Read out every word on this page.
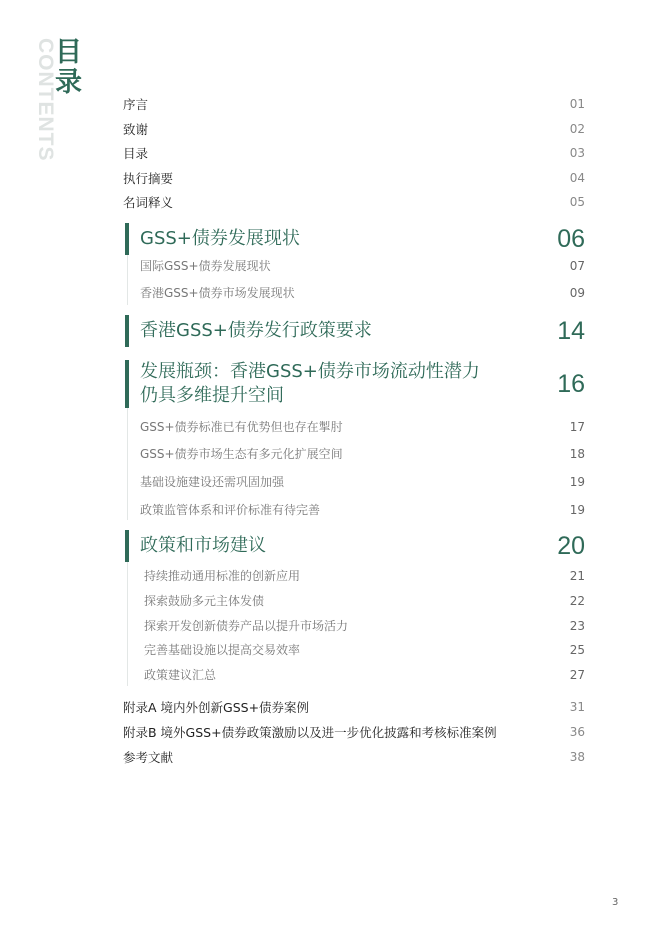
CONTENTS
目录
序言	01
致谢	02
目录	03
执行摘要	04
名词释义	05
GSS+债券发展现状	06
国际GSS+债券发展现状	07
香港GSS+债券市场发展现状	09
香港GSS+债券发行政策要求	14
发展瓶颈：香港GSS+债券市场流动性潜力
仍具多维提升空间	16
GSS+债券标准已有优势但也存在掣肘	17
GSS+债券市场生态有多元化扩展空间	18
基础设施建设还需巩固加强	19
政策监管体系和评价标准有待完善	19
政策和市场建议	20
持续推动通用标准的创新应用	21
探索鼓励多元主体发债	22
探索开发创新债券产品以提升市场活力	23
完善基础设施以提高交易效率	25
政策建议汇总	27
附录A 境内外创新GSS+债券案例	31
附录B 境外GSS+债券政策激励以及进一步优化披露和考核标准案例	36
参考文献	38
3
